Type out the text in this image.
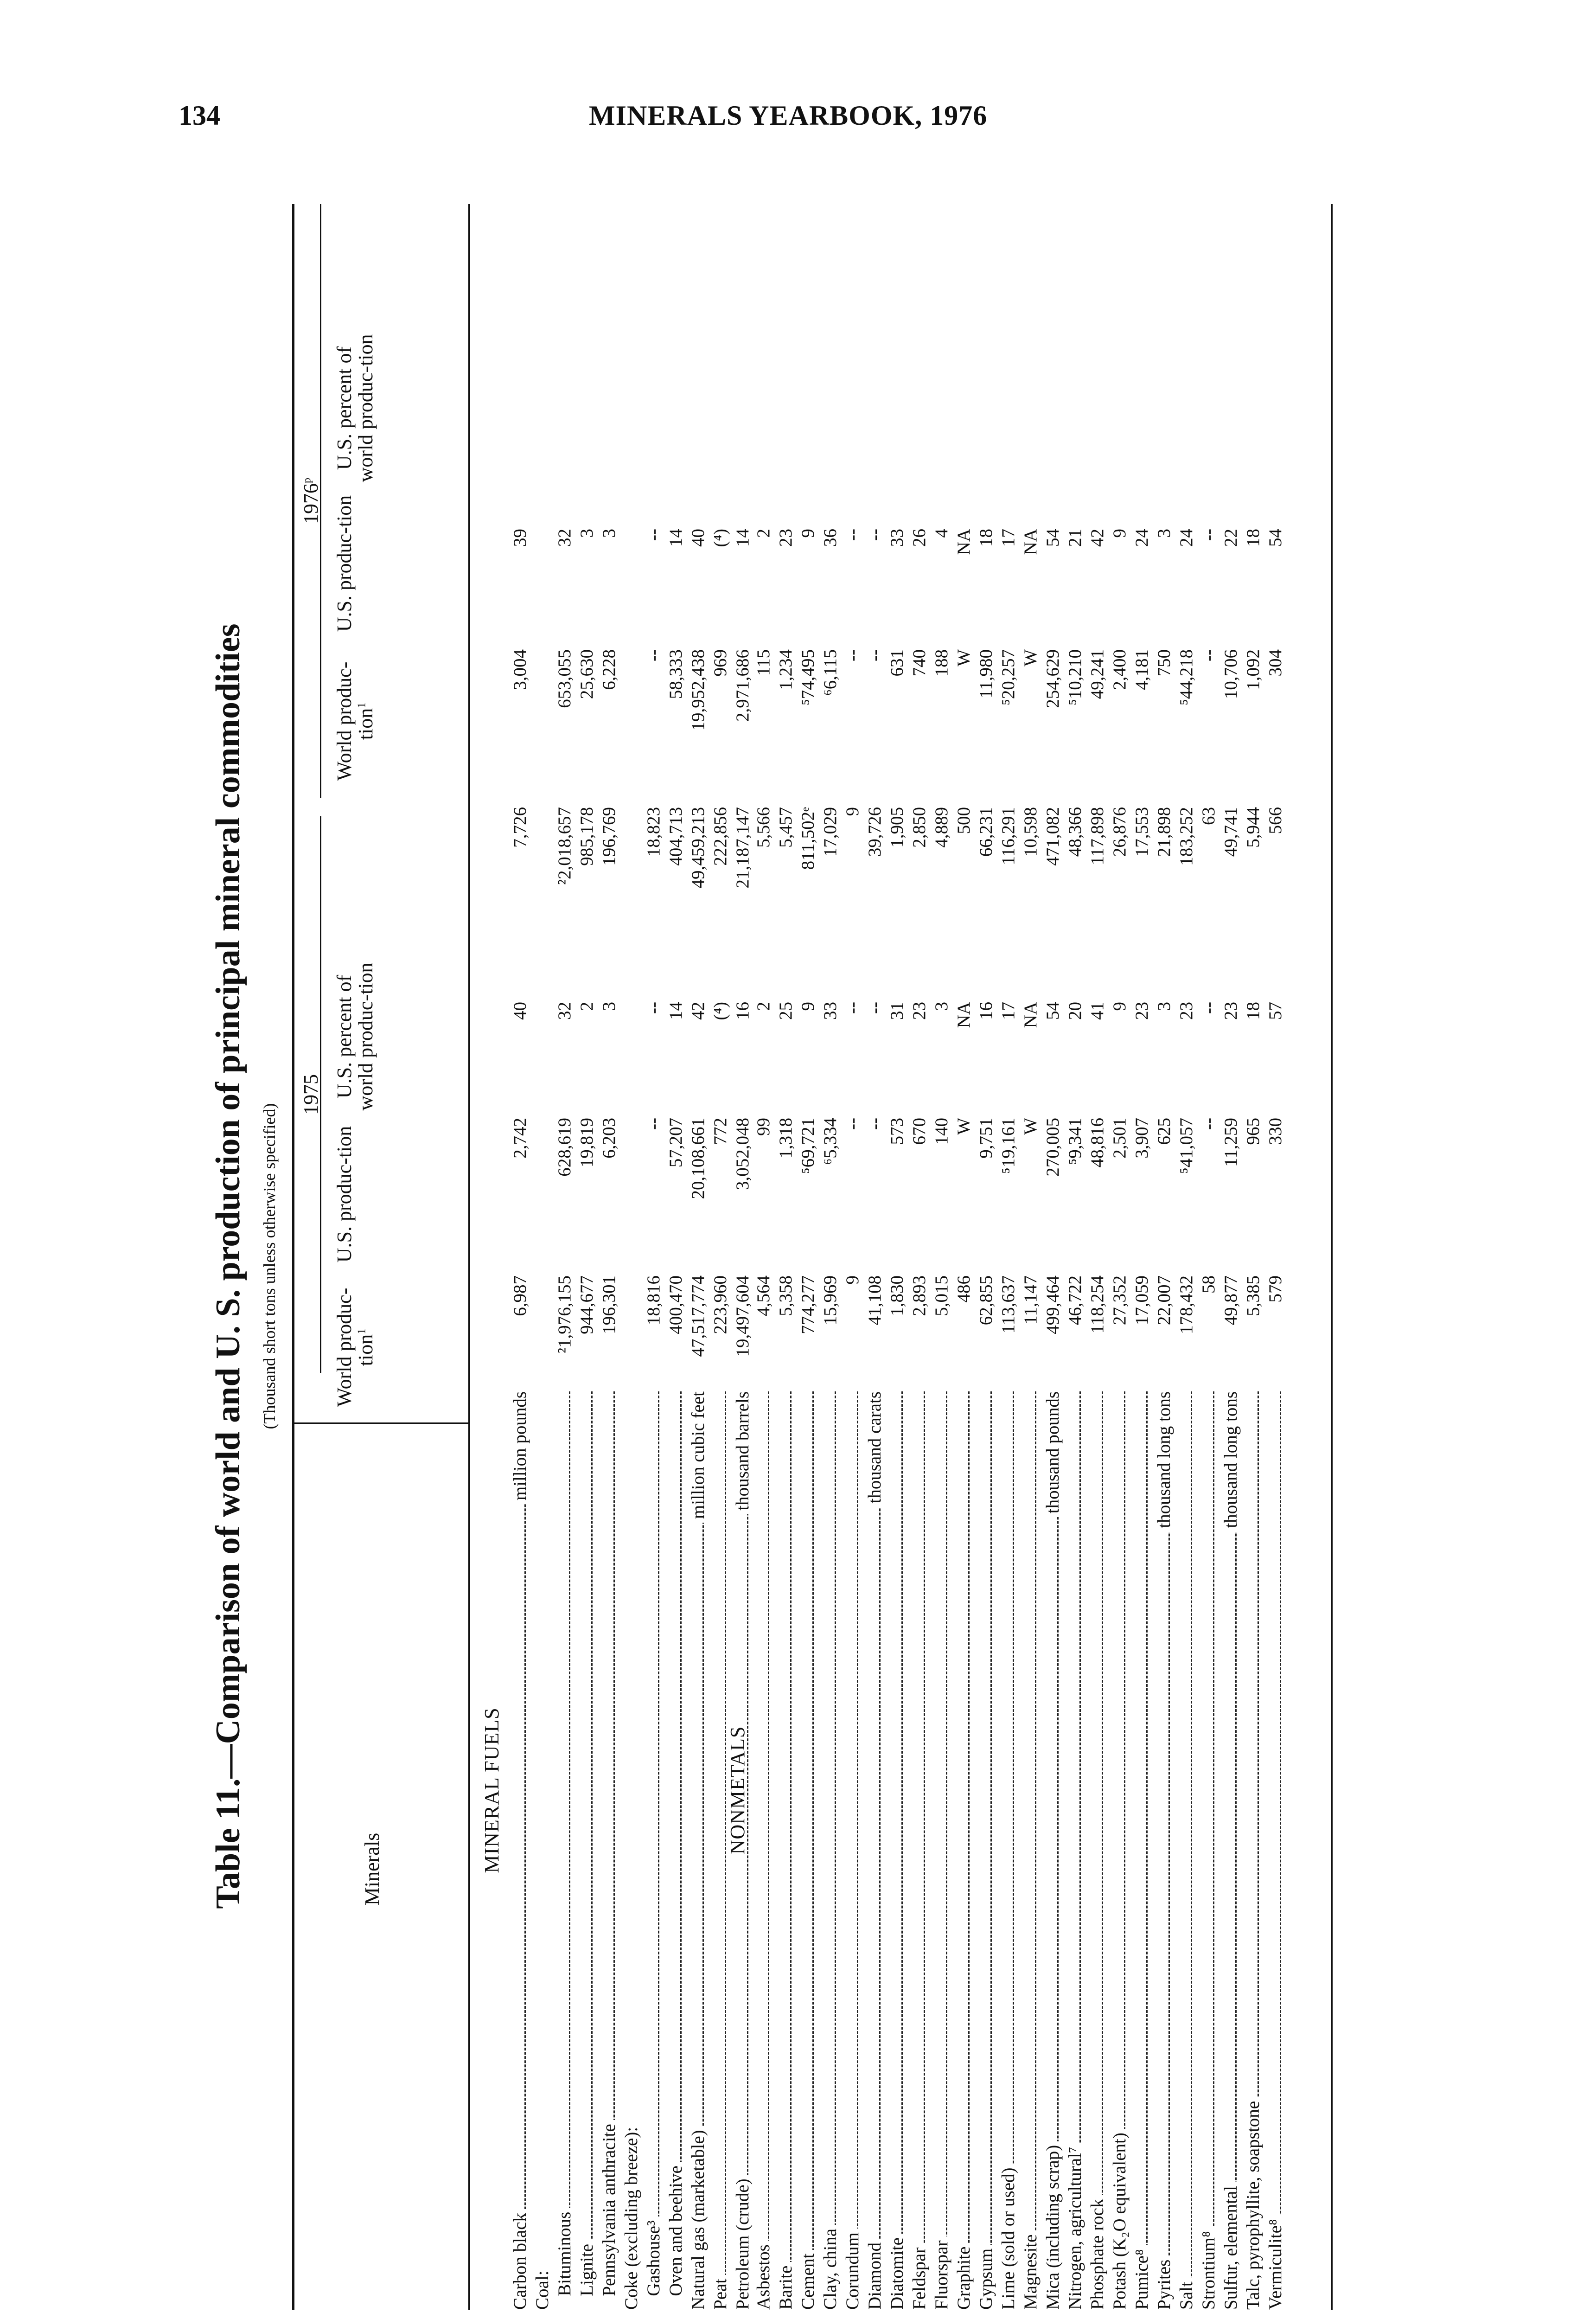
134	MINERALS YEARBOOK, 1976
Table 11.—Comparison of world and U. S. production of principal mineral commodities (Thousand short tons unless otherwise specified)
Minerals
1975
1976$^p$
World produc-tion$^1$
U.S. produc-tion
U.S. percent of world produc-tion
World produc-tion$^1$
U.S. produc-tion
U.S. percent of world produc-tion
MINERAL FUELS	NONMETALS
Carbon black
million pounds
6,987
2,742
40
7,726
3,004
39
Coal: Bituminous
²1,976,155
628,619
32
²2,018,657
653,055
32
Lignite
944,677
19,819
2
985,178
25,630
3
Pennsylvania anthracite
196,301
6,203
3
196,769
6,228
3
Coke (excluding breeze): Gashouse³
18,816
--
--
18,823
--
--
Oven and beehive
400,470
57,207
14
404,713
58,333
14
Natural gas (marketable)
million cubic feet
47,517,774
20,108,661
42
49,459,213
19,952,438
40
Peat
223,960
772
(⁴)
222,856
969
(⁴)
Petroleum (crude)
thousand barrels
19,497,604
3,052,048
16
21,187,147
2,971,686
14
Asbestos
4,564
99
2
5,566
115
2
Barite
5,358
1,318
25
5,457
1,234
23
Cement
774,277
⁵69,721
9
811,502ᵉ
⁵74,495
9
Clay, china
15,969
⁶5,334
33
17,029
⁶6,115
36
Corundum
9
--
--
9
--
--
Diamond
thousand carats
41,108
--
--
39,726
--
--
Diatomite
1,830
573
31
1,905
631
33
Feldspar
2,893
670
23
2,850
740
26
Fluorspar
5,015
140
3
4,889
188
4
Graphite
486
W
NA
500
W
NA
Gypsum
62,855
9,751
16
66,231
11,980
18
Lime (sold or used)
113,637
⁵19,161
17
116,291
⁵20,257
17
Magnesite
11,147
W
NA
10,598
W
NA
Mica (including scrap)
thousand pounds
499,464
270,005
54
471,082
254,629
54
Nitrogen, agricultural⁷
46,722
⁵9,341
20
48,366
⁵10,210
21
Phosphate rock
118,254
48,816
41
117,898
49,241
42
Potash (K₂O equivalent)
27,352
2,501
9
26,876
2,400
9
Pumice⁸
17,059
3,907
23
17,553
4,181
24
Pyrites
thousand long tons
22,007
625
3
21,898
750
3
Salt
178,432
⁵41,057
23
183,252
⁵44,218
24
Strontium⁸
58
--
--
63
--
--
Sulfur, elemental
thousand long tons
49,877
11,259
23
49,741
10,706
22
Talc, pyrophyllite, soapstone
5,385
965
18
5,944
1,092
18
Vermiculite⁸
579
330
57
566
304
54
